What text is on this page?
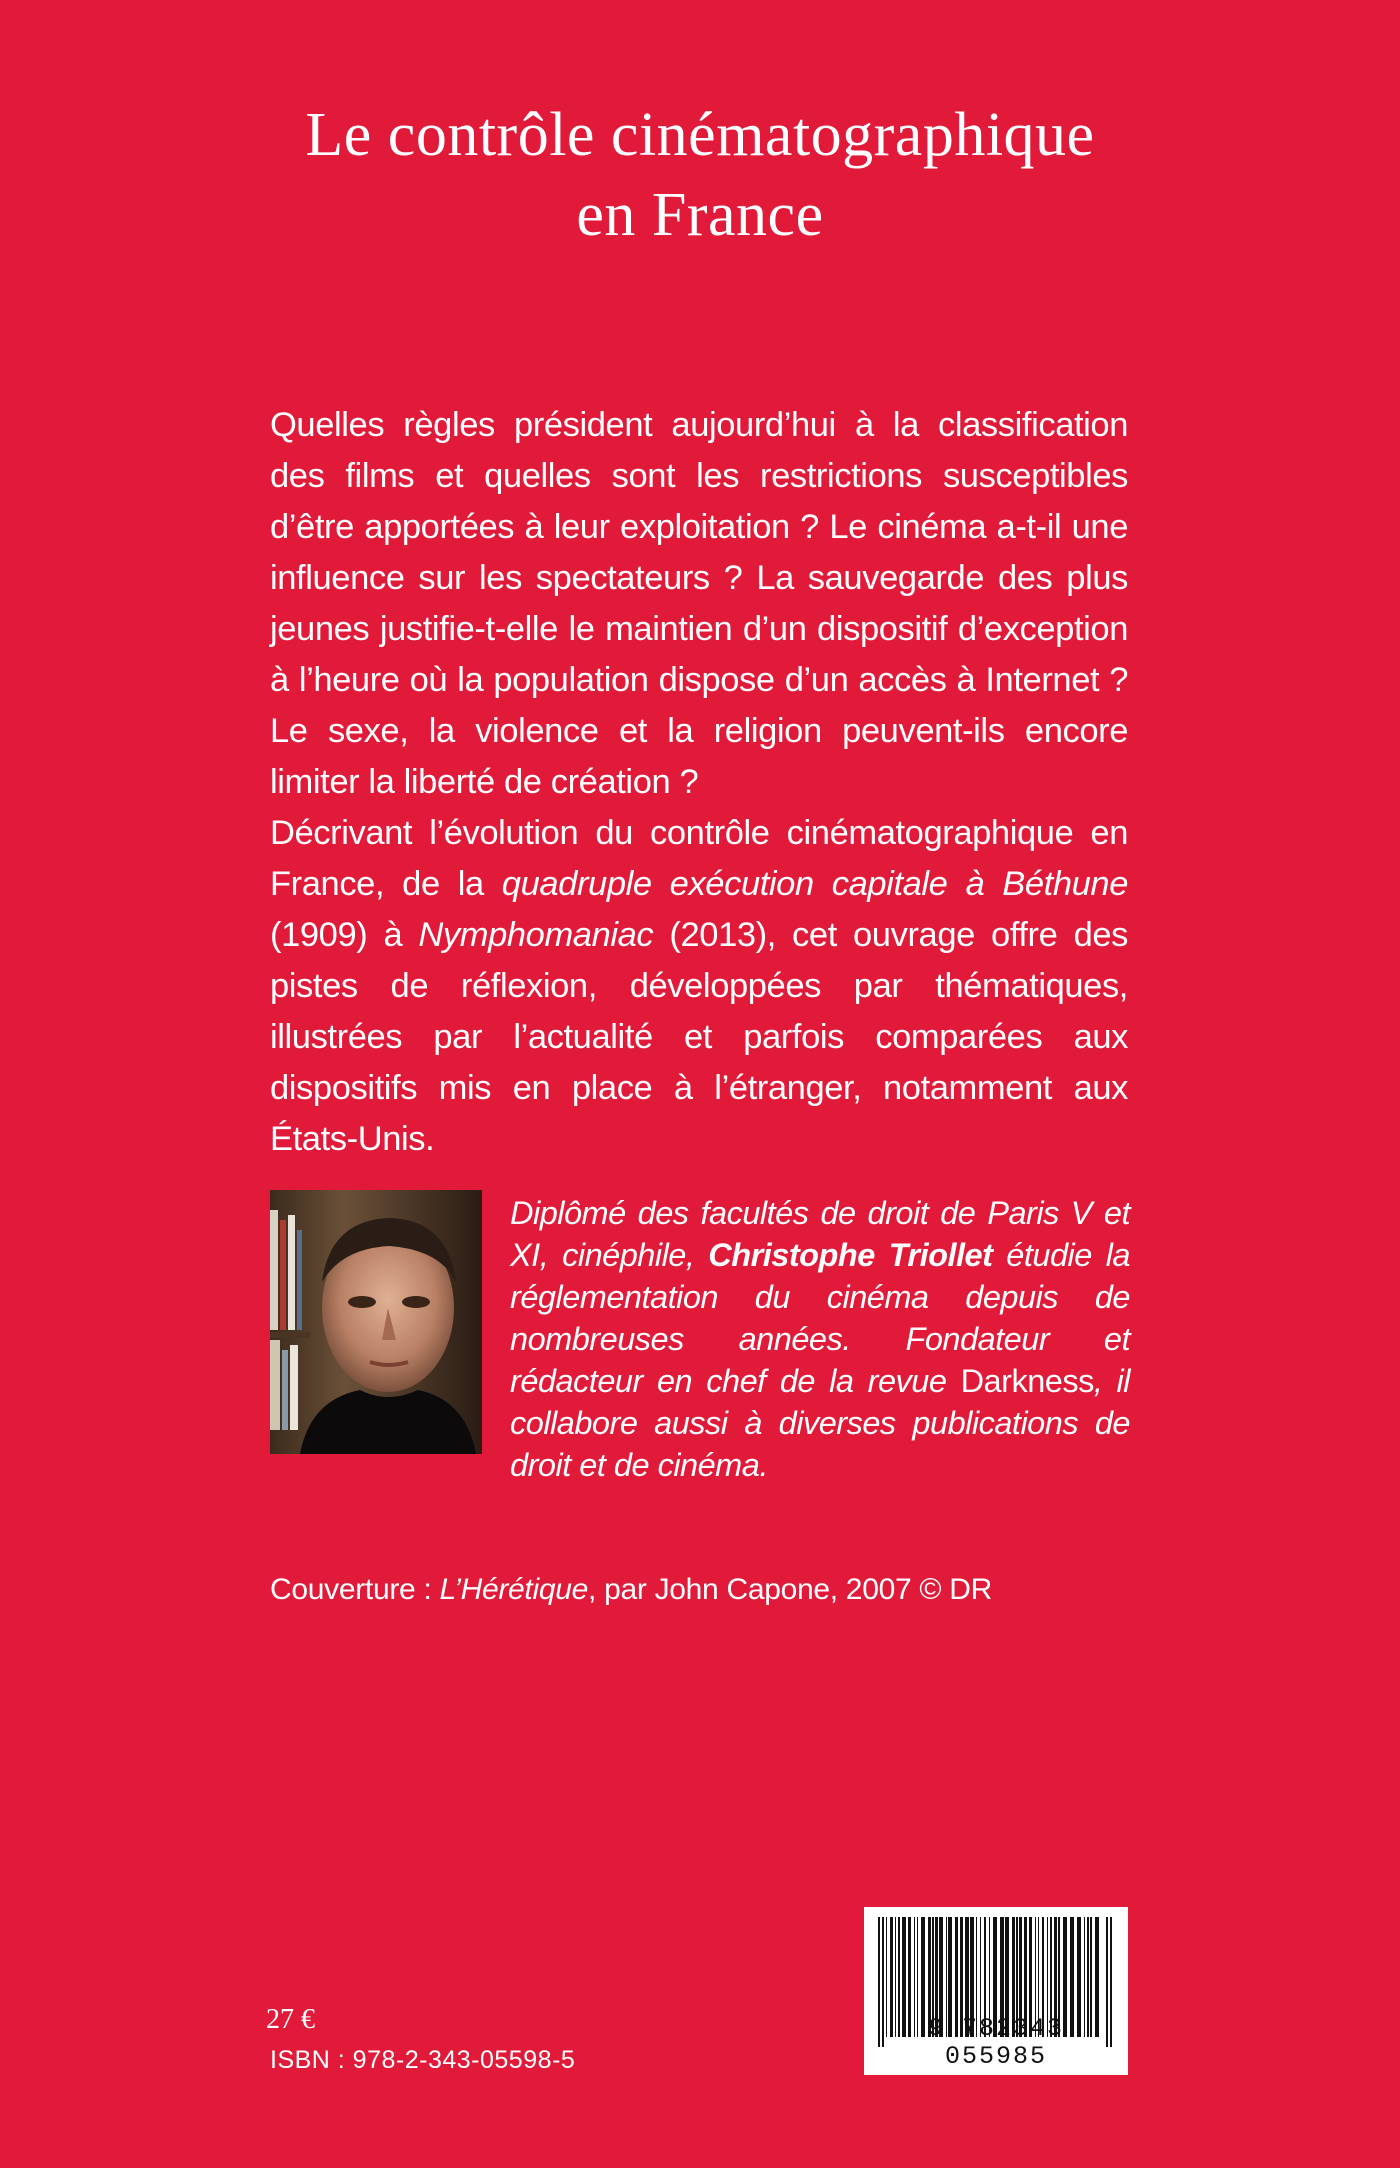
Le contrôle cinématographique
en France

Quelles règles président aujourd’hui à la classification des films et quelles sont les restrictions susceptibles d’être apportées à leur exploitation ? Le cinéma a-t-il une influence sur les spectateurs ? La sauvegarde des plus jeunes justifie-t-elle le maintien d’un dispositif d’exception à l’heure où la population dispose d’un accès à Internet ? Le sexe, la violence et la religion peuvent-ils encore limiter la liberté de création ?

Décrivant l’évolution du contrôle cinématographique en France, de la quadruple exécution capitale à Béthune (1909) à Nymphomaniac (2013), cet ouvrage offre des pistes de réflexion, développées par thématiques, illustrées par l’actualité et parfois comparées aux dispositifs mis en place à l’étranger, notamment aux États-Unis.

Diplômé des facultés de droit de Paris V et XI, cinéphile, Christophe Triollet étudie la réglementation du cinéma depuis de nombreuses années. Fondateur et rédacteur en chef de la revue Darkness, il collabore aussi à diverses publications de droit et de cinéma.

Couverture : L’Hérétique, par John Capone, 2007 © DR

27 €
ISBN : 978-2-343-05598-5
9 782343 055985
